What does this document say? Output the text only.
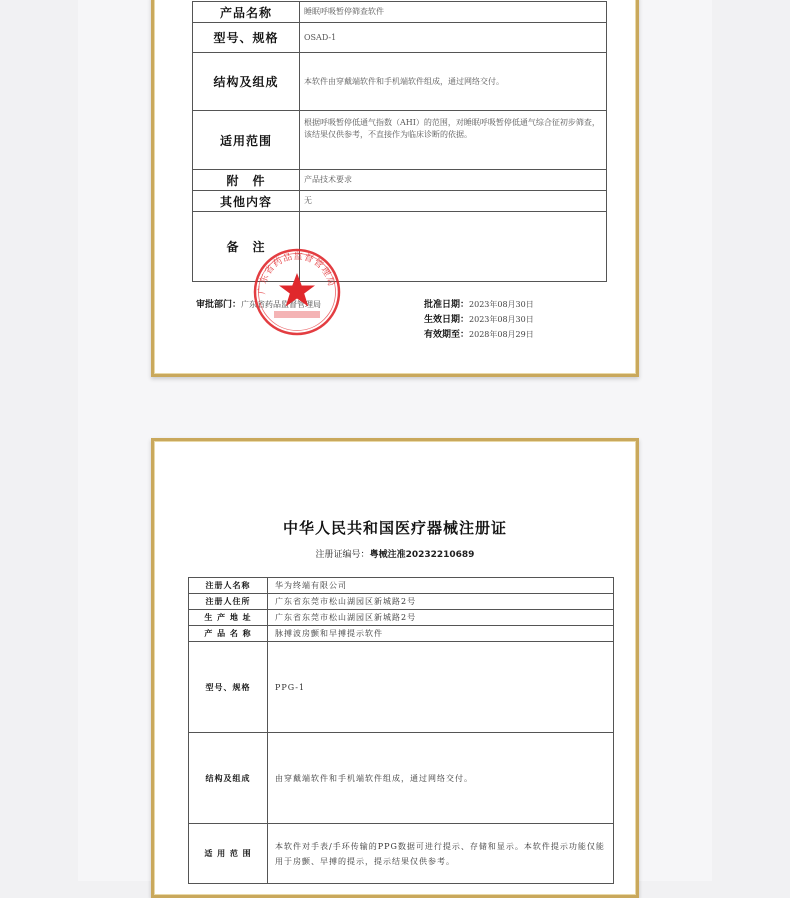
产品名称	睡眠呼吸暂停筛查软件
型号、规格	OSAD-1
结构及组成	本软件由穿戴端软件和手机端软件组成，通过网络交付。
适用范围	根据呼吸暂停低通气指数（AHI）的范围，对睡眠呼吸暂停低通气综合征初步筛查，该结果仅供参考，不直接作为临床诊断的依据。
附　件	产品技术要求
其他内容	无
备　注	
审批部门：广东省药品监督管理局	批准日期：2023年08月30日
生效日期：2023年08月30日
有效期至：2028年08月29日
广东省药品监督管理局
中华人民共和国医疗器械注册证
注册证编号：粤械注准20232210689
注册人名称	华为终端有限公司
注册人住所	广东省东莞市松山湖园区新城路2号
生 产 地 址	广东省东莞市松山湖园区新城路2号
产 品 名 称	脉搏波房颤和早搏提示软件
型号、规格	PPG-1
结构及组成	由穿戴端软件和手机端软件组成，通过网络交付。
适 用 范 围	本软件对手表/手环传输的PPG数据可进行提示、存储和显示。本软件提示功能仅能用于房颤、早搏的提示，提示结果仅供参考。
